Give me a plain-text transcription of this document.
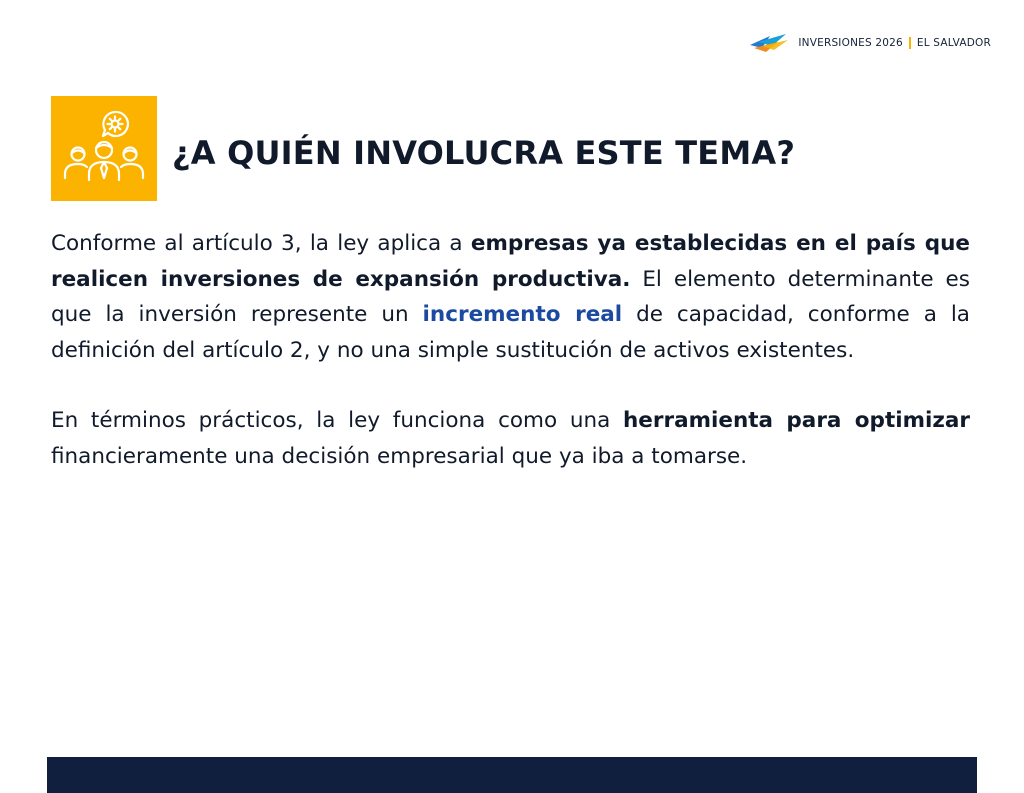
INVERSIONES 2026 EL SALVADOR
¿A QUIÉN INVOLUCRA ESTE TEMA?

Conforme al artículo 3, la ley aplica a empresas ya establecidas en el país que realicen inversiones de expansión productiva. El elemento determinante es que la inversión represente un incremento real de capacidad, conforme a la definición del artículo 2, y no una simple sustitución de activos existentes.

En términos prácticos, la ley funciona como una herramienta para optimizar financieramente una decisión empresarial que ya iba a tomarse.
